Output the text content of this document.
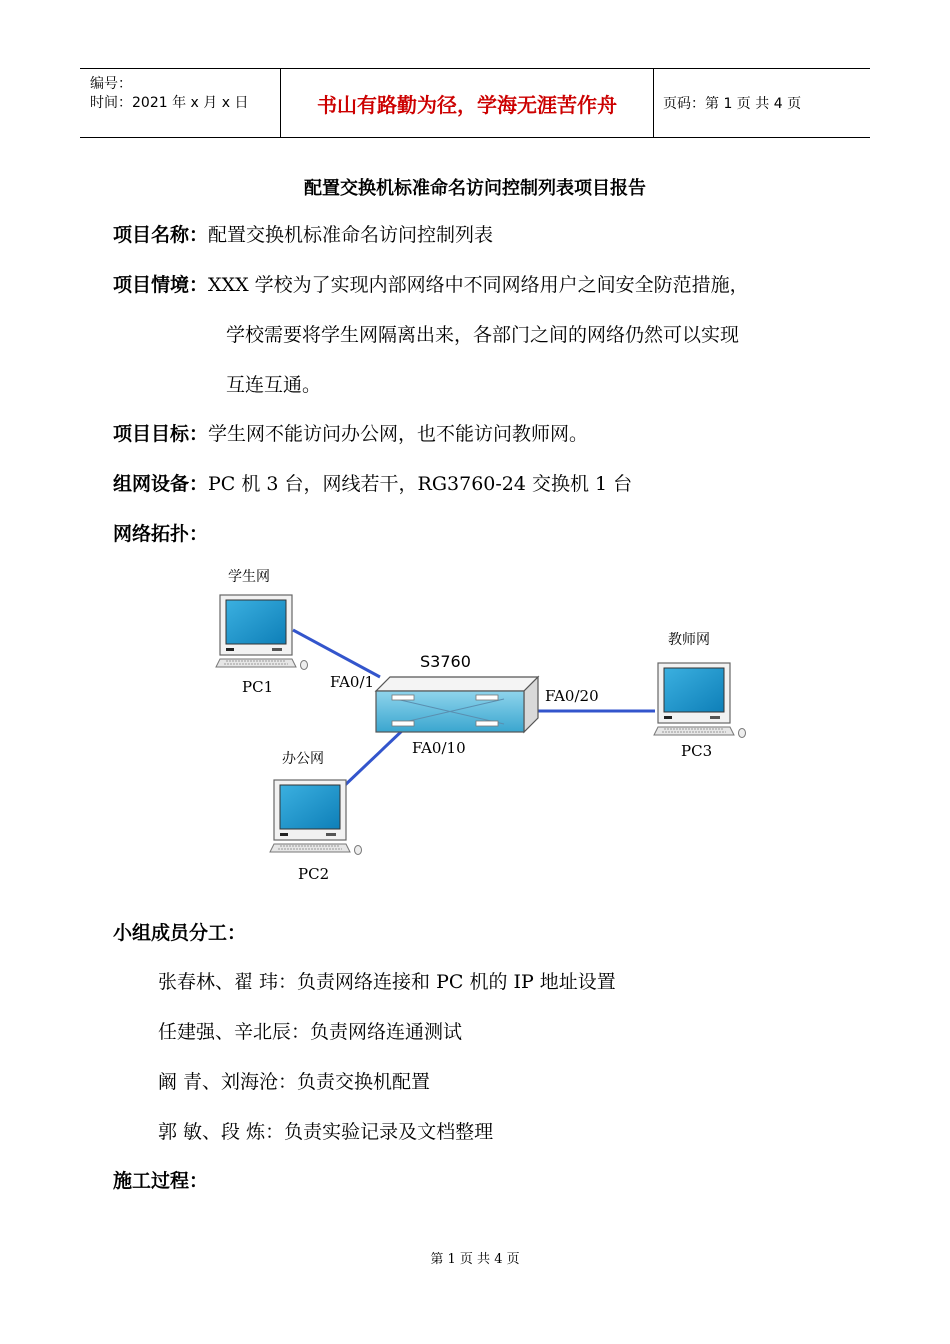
编号：
时间：2021 年 x 月 x 日	书山有路勤为径，学海无涯苦作舟	页码：第 1 页 共 4 页
配置交换机标准命名访问控制列表项目报告
项目名称：配置交换机标准命名访问控制列表
项目情境：XXX 学校为了实现内部网络中不同网络用户之间安全防范措施，
学校需要将学生网隔离出来，各部门之间的网络仍然可以实现
互连互通。
项目目标：学生网不能访问办公网，也不能访问教师网。
组网设备：PC 机 3 台，网线若干，RG3760-24 交换机 1 台
网络拓扑：
学生网
PC1	FA0/1
S3760
办公网
FA0/10
PC2
教师网
FA0/20
PC3
小组成员分工：
张春林、翟 玮：负责网络连接和 PC 机的 IP 地址设置
任建强、辛北辰：负责网络连通测试
阚 青、刘海沧：负责交换机配置
郭 敏、段 炼：负责实验记录及文档整理
施工过程：
第 1 页 共 4 页
